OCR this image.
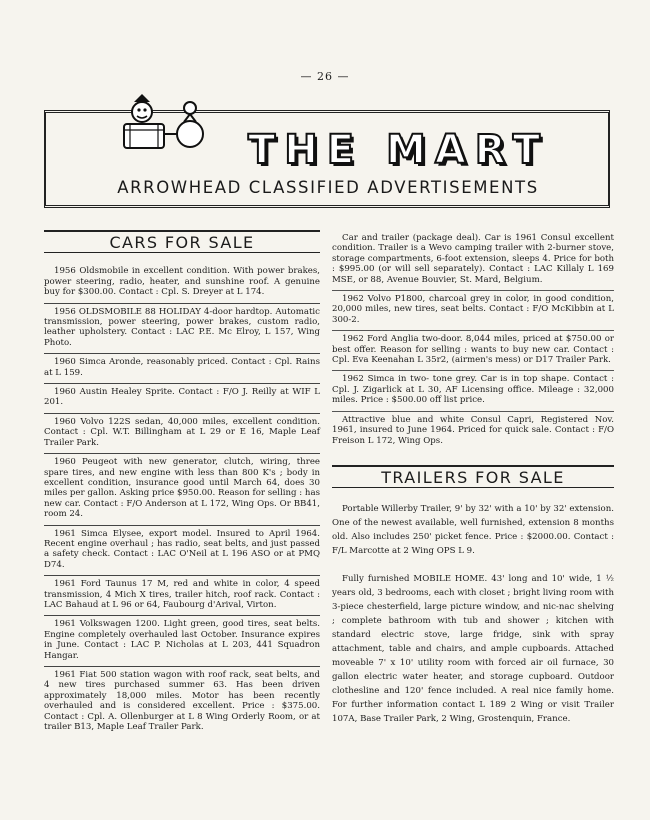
— 26 —
THE MART
ARROWHEAD CLASSIFIED ADVERTISEMENTS
CARS FOR SALE

1956 Oldsmobile in excellent condition. With power brakes, power steering, radio, heater, and sunshine roof. A genuine buy for $300.00. Contact : Cpl. S. Dreyer at L 174.

1956 OLDSMOBILE 88 HOLIDAY 4-door hardtop. Automatic transmission, power steering, power brakes, custom radio, leather upholstery. Contact : LAC P.E. Mc Elroy, L 157, Wing Photo.

1960 Simca Aronde, reasonably priced. Contact : Cpl. Rains at L 159.

1960 Austin Healey Sprite. Contact : F/O J. Reilly at WIF L 201.

1960 Volvo 122S sedan, 40,000 miles, excellent condition. Contact : Cpl. W.T. Billingham at L 29 or E 16, Maple Leaf Trailer Park.

1960 Peugeot with new generator, clutch, wiring, three spare tires, and new engine with less than 800 K's ; body in excellent condition, insurance good until March 64, does 30 miles per gallon. Asking price $950.00. Reason for selling : has new car. Contact : F/O Anderson at L 172, Wing Ops. Or BB41, room 24.

1961 Simca Elysee, export model. Insured to April 1964. Recent engine overhaul ; has radio, seat belts, and just passed a safety check. Contact : LAC O'Neil at L 196 ASO or at PMQ D74.

1961 Ford Taunus 17 M, red and white in color, 4 speed transmission, 4 Mich X tires, trailer hitch, roof rack. Contact : LAC Bahaud at L 96 or 64, Faubourg d'Arival, Virton.

1961 Volkswagen 1200. Light green, good tires, seat belts. Engine completely overhauled last October. Insurance expires in June. Contact : LAC P. Nicholas at L 203, 441 Squadron Hangar.

1961 Fiat 500 station wagon with roof rack, seat belts, and 4 new tires purchased summer 63. Has been driven approximately 18,000 miles. Motor has been recently overhauled and is considered excellent. Price : $375.00. Contact : Cpl. A. Ollenburger at L 8 Wing Orderly Room, or at trailer B13, Maple Leaf Trailer Park.

Car and trailer (package deal). Car is 1961 Consul excellent condition. Trailer is a Wevo camping trailer with 2-burner stove, storage compartments, 6-foot extension, sleeps 4. Price for both : $995.00 (or will sell separately). Contact : LAC Killaly L 169 MSE, or 88, Avenue Bouvier, St. Mard, Belgium.

1962 Volvo P1800, charcoal grey in color, in good condition, 20,000 miles, new tires, seat belts. Contact : F/O McKibbin at L 300-2.

1962 Ford Anglia two-door. 8,044 miles, priced at $750.00 or best offer. Reason for selling : wants to buy new car. Contact : Cpl. Eva Keenahan L 35r2, (airmen's mess) or D17 Trailer Park.

1962 Simca in two- tone grey. Car is in top shape. Contact : Cpl. J. Zigarlick at L 30, AF Licensing office. Mileage : 32,000 miles. Price : $500.00 off list price.

Attractive blue and white Consul Capri, Registered Nov. 1961, insured to June 1964. Priced for quick sale. Contact : F/O Freison L 172, Wing Ops.

TRAILERS FOR SALE

Portable Willerby Trailer, 9' by 32' with a 10' by 32' extension. One of the newest available, well furnished, extension 8 months old. Also includes 250' picket fence. Price : $2000.00. Contact : F/L Marcotte at 2 Wing OPS L 9.

Fully furnished MOBILE HOME. 43' long and 10' wide, 1 ½ years old, 3 bedrooms, each with closet ; bright living room with 3-piece chesterfield, large picture window, and nic-nac shelving ; complete bathroom with tub and shower ; kitchen with standard electric stove, large fridge, sink with spray attachment, table and chairs, and ample cupboards. Attached moveable 7' x 10' utility room with forced air oil furnace, 30 gallon electric water heater, and storage cupboard. Outdoor clothesline and 120' fence included. A real nice family home. For further information contact L 189 2 Wing or visit Trailer 107A, Base Trailer Park, 2 Wing, Grostenquin, France.
